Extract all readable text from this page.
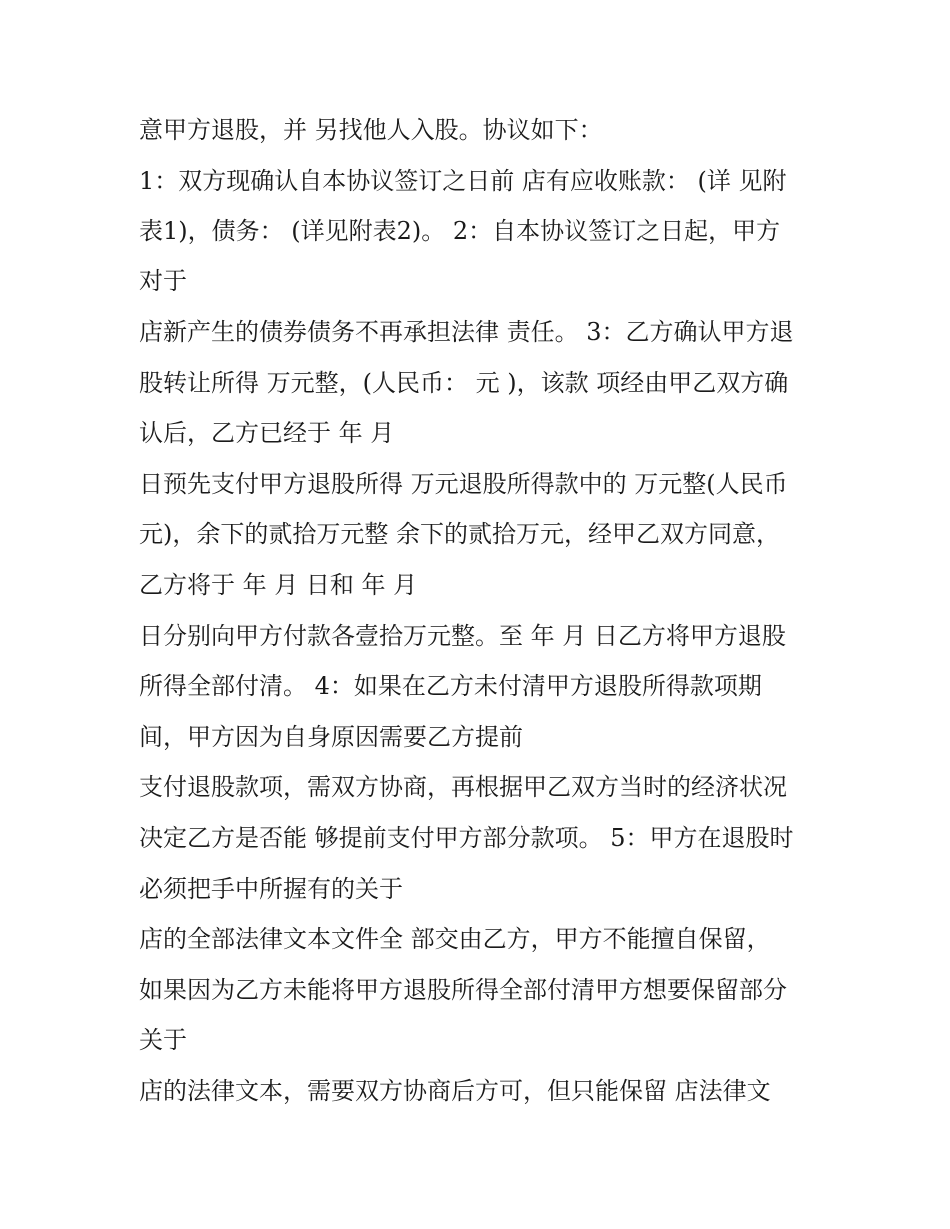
意甲方退股，并 另找他人入股。协议如下：
1：双方现确认自本协议签订之日前 店有应收账款： (详 见附
表1)，债务： (详见附表2)。 2：自本协议签订之日起，甲方
对于
店新产生的债券债务不再承担法律 责任。 3：乙方确认甲方退
股转让所得 万元整，(人民币： 元 )，该款 项经由甲乙双方确
认后，乙方已经于 年 月
日预先支付甲方退股所得 万元退股所得款中的 万元整(人民币
元)，余下的贰拾万元整 余下的贰拾万元，经甲乙双方同意，
乙方将于 年 月 日和 年 月
日分别向甲方付款各壹拾万元整。至 年 月 日乙方将甲方退股
所得全部付清。 4：如果在乙方未付清甲方退股所得款项期
间，甲方因为自身原因需要乙方提前
支付退股款项，需双方协商，再根据甲乙双方当时的经济状况
决定乙方是否能 够提前支付甲方部分款项。 5：甲方在退股时
必须把手中所握有的关于
店的全部法律文本文件全 部交由乙方，甲方不能擅自保留，
如果因为乙方未能将甲方退股所得全部付清甲方想要保留部分
关于
店的法律文本，需要双方协商后方可，但只能保留 店法律文
